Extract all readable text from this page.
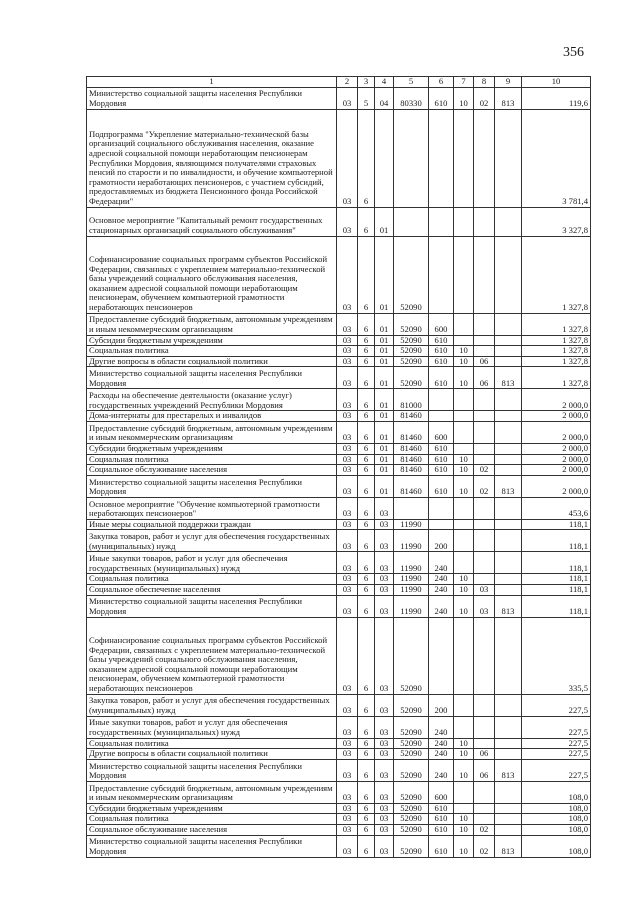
356
1	2	3	4	5	6	7	8	9	10
Министерство социальной защиты населения Республики Мордовия	03	5	04	80330	610	10	02	813	119,6
Подпрограмма "Укрепление материально-технической базы организаций социального обслуживания населения, оказание адресной социальной помощи неработающим пенсионерам Республики Мордовия, являющимся получателями страховых пенсий по старости и по инвалидности, и обучение компьютерной грамотности неработающих пенсионеров, с участием субсидий, предоставляемых из бюджета Пенсионного фонда Российской Федерации"	03	6							3 781,4
Основное мероприятие "Капитальный ремонт государственных стационарных организаций социального обслуживания"	03	6	01						3 327,8
Софинансирование социальных программ субъектов Российской Федерации, связанных с укреплением материально-технической базы учреждений социального обслуживания населения, оказанием адресной социальной помощи неработающим пенсионерам, обучением компьютерной грамотности неработающих пенсионеров	03	6	01	52090					1 327,8
Предоставление субсидий бюджетным, автономным учреждениям и иным некоммерческим организациям	03	6	01	52090	600				1 327,8
Субсидии бюджетным учреждениям	03	6	01	52090	610				1 327,8
Социальная политика	03	6	01	52090	610	10			1 327,8
Другие вопросы в области социальной политики	03	6	01	52090	610	10	06		1 327,8
Министерство социальной защиты населения Республики Мордовия	03	6	01	52090	610	10	06	813	1 327,8
Расходы на обеспечение деятельности (оказание услуг) государственных учреждений Республики Мордовия	03	6	01	81000					2 000,0
Дома-интернаты для престарелых и инвалидов	03	6	01	81460					2 000,0
Предоставление субсидий бюджетным, автономным учреждениям и иным некоммерческим организациям	03	6	01	81460	600				2 000,0
Субсидии бюджетным учреждениям	03	6	01	81460	610				2 000,0
Социальная политика	03	6	01	81460	610	10			2 000,0
Социальное обслуживание населения	03	6	01	81460	610	10	02		2 000,0
Министерство социальной защиты населения Республики Мордовия	03	6	01	81460	610	10	02	813	2 000,0
Основное мероприятие "Обучение компьютерной грамотности неработающих пенсионеров"	03	6	03						453,6
Иные меры социальной поддержки граждан	03	6	03	11990					118,1
Закупка товаров, работ и услуг для обеспечения государственных (муниципальных) нужд	03	6	03	11990	200				118,1
Иные закупки товаров, работ и услуг для обеспечения государственных (муниципальных) нужд	03	6	03	11990	240				118,1
Социальная политика	03	6	03	11990	240	10			118,1
Социальное обеспечение населения	03	6	03	11990	240	10	03		118,1
Министерство социальной защиты населения Республики Мордовия	03	6	03	11990	240	10	03	813	118,1
Софинансирование социальных программ субъектов Российской Федерации, связанных с укреплением материально-технической базы учреждений социального обслуживания населения, оказанием адресной социальной помощи неработающим пенсионерам, обучением компьютерной грамотности неработающих пенсионеров	03	6	03	52090					335,5
Закупка товаров, работ и услуг для обеспечения государственных (муниципальных) нужд	03	6	03	52090	200				227,5
Иные закупки товаров, работ и услуг для обеспечения государственных (муниципальных) нужд	03	6	03	52090	240				227,5
Социальная политика	03	6	03	52090	240	10			227,5
Другие вопросы в области социальной политики	03	6	03	52090	240	10	06		227,5
Министерство социальной защиты населения Республики Мордовия	03	6	03	52090	240	10	06	813	227,5
Предоставление субсидий бюджетным, автономным учреждениям и иным некоммерческим организациям	03	6	03	52090	600				108,0
Субсидии бюджетным учреждениям	03	6	03	52090	610				108,0
Социальная политика	03	6	03	52090	610	10			108,0
Социальное обслуживание населения	03	6	03	52090	610	10	02		108,0
Министерство социальной защиты населения Республики Мордовия	03	6	03	52090	610	10	02	813	108,0
